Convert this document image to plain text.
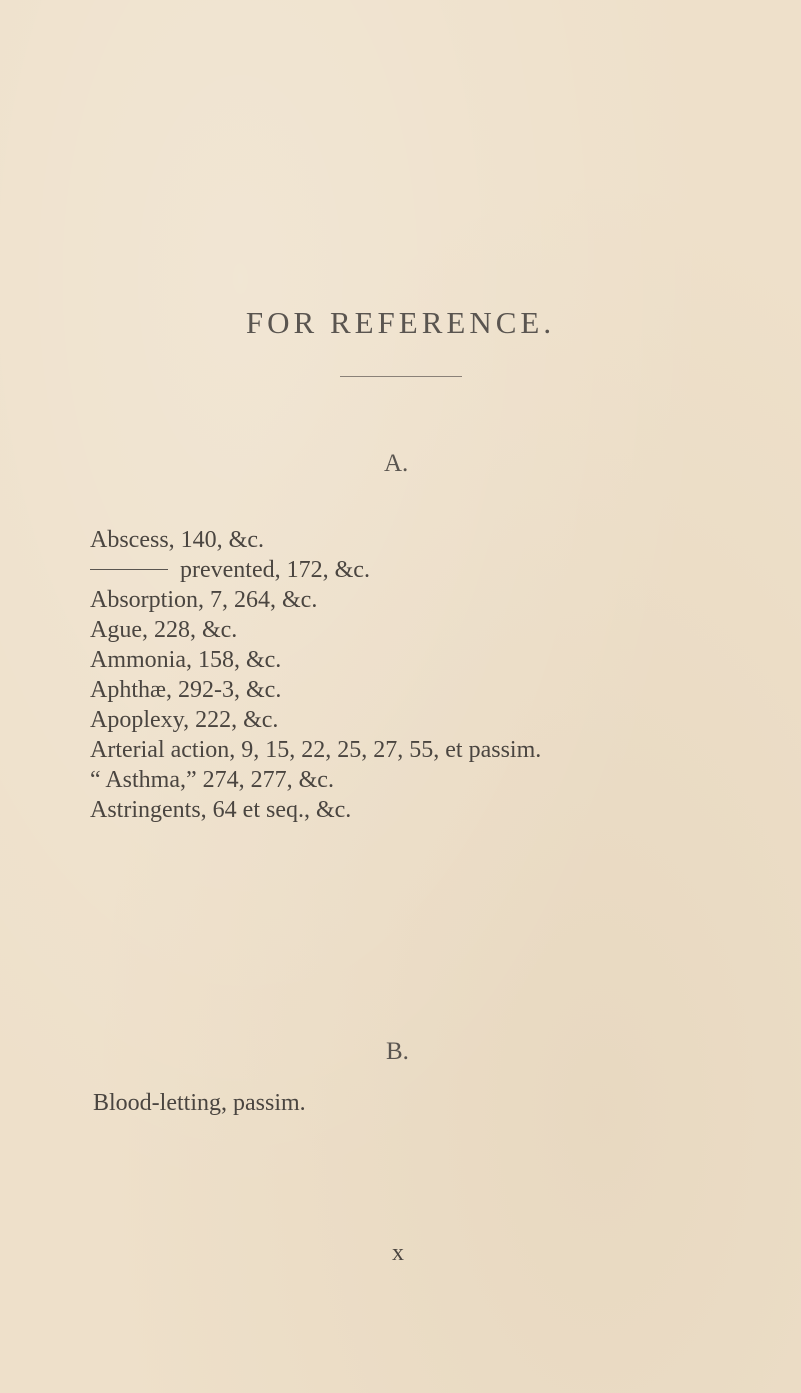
FOR REFERENCE.
A.
Abscess, 140, &c.
prevented, 172, &c.
Absorption, 7, 264, &c.
Ague, 228, &c.
Ammonia, 158, &c.
Aphthæ, 292-3, &c.
Apoplexy, 222, &c.
Arterial action, 9, 15, 22, 25, 27, 55, et passim.
“ Asthma,” 274, 277, &c.
Astringents, 64 et seq., &c.
B.
Blood-letting, passim.
x
